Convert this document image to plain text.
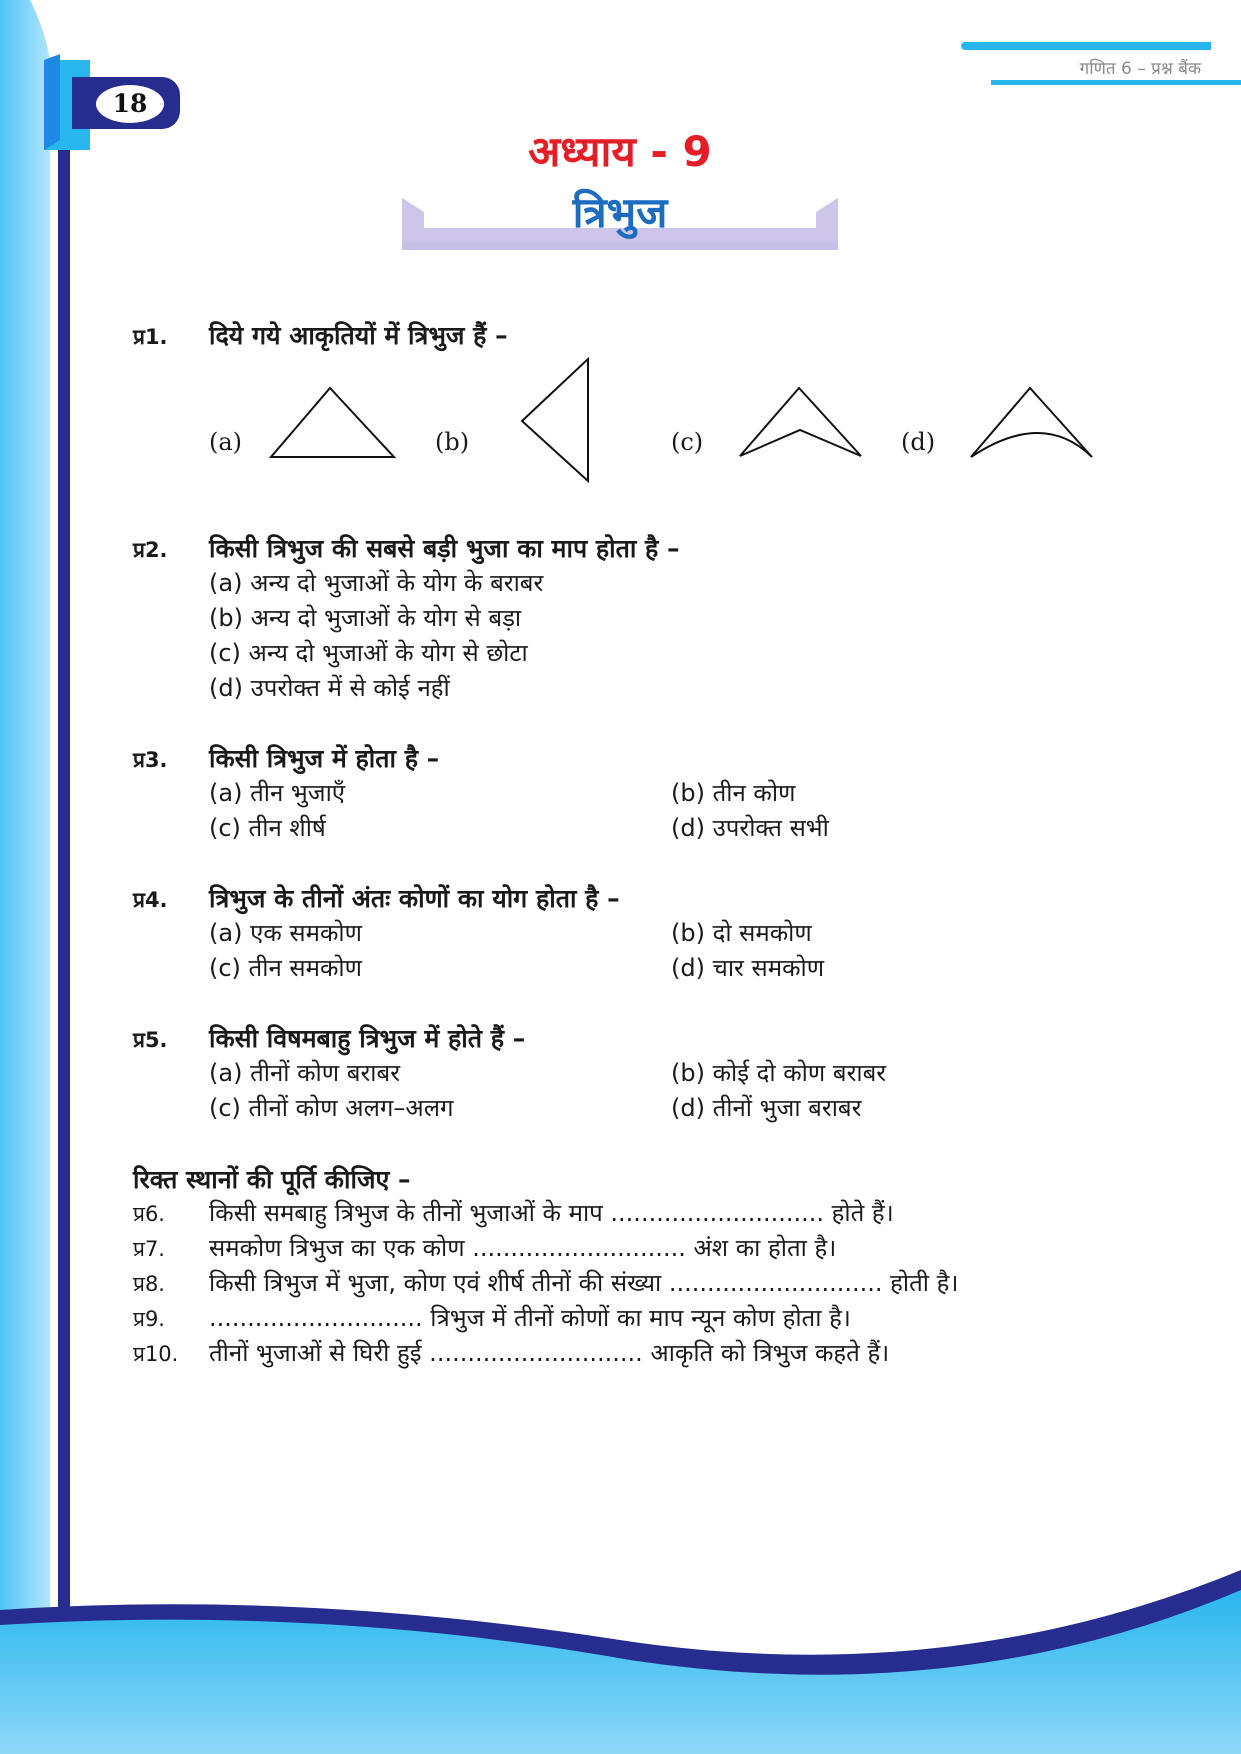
गणित 6 – प्रश्न बैंक
18
अध्याय - 9
त्रिभुज
प्र1. दिये गये आकृतियों में त्रिभुज हैं –
(a)	(b)	(c)	(d)
प्र2. किसी त्रिभुज की सबसे बड़ी भुजा का माप होता है –
(a) अन्य दो भुजाओं के योग के बराबर
(b) अन्य दो भुजाओं के योग से बड़ा
(c) अन्य दो भुजाओं के योग से छोटा
(d) उपरोक्त में से कोई नहीं
प्र3. किसी त्रिभुज में होता है –
(a) तीन भुजाएँ	(b) तीन कोण
(c) तीन शीर्ष	(d) उपरोक्त सभी
प्र4. त्रिभुज के तीनों अंतः कोणों का योग होता है –
(a) एक समकोण	(b) दो समकोण
(c) तीन समकोण	(d) चार समकोण
प्र5. किसी विषमबाहु त्रिभुज में होते हैं –
(a) तीनों कोण बराबर	(b) कोई दो कोण बराबर
(c) तीनों कोण अलग–अलग	(d) तीनों भुजा बराबर
रिक्त स्थानों की पूर्ति कीजिए –
प्र6. किसी समबाहु त्रिभुज के तीनों भुजाओं के माप ............................ होते हैं।
प्र7. समकोण त्रिभुज का एक कोण ............................ अंश का होता है।
प्र8. किसी त्रिभुज में भुजा, कोण एवं शीर्ष तीनों की संख्या ............................ होती है।
प्र9. ............................ त्रिभुज में तीनों कोणों का माप न्यून कोण होता है।
प्र10. तीनों भुजाओं से घिरी हुई ............................ आकृति को त्रिभुज कहते हैं।
